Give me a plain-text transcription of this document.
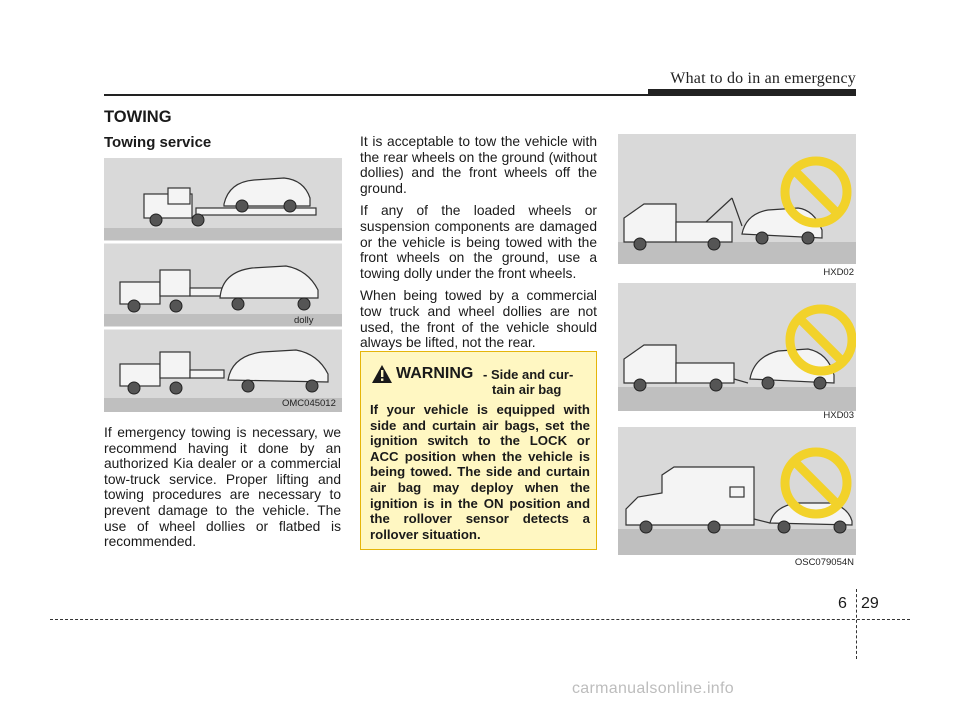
What to do in an emergency
TOWING
Towing service
dolly
OMC045012
If emergency towing is necessary, we recommend having it done by an authorized Kia dealer or a commercial tow-truck service. Proper lifting and towing procedures are necessary to prevent damage to the vehicle. The use of wheel dollies or flatbed is recommended.

It is acceptable to tow the vehicle with the rear wheels on the ground (without dollies) and the front wheels off the ground.

If any of the loaded wheels or suspension components are damaged or the vehicle is being towed with the front wheels on the ground, use a towing dolly under the front wheels.

When being towed by a commercial tow truck and wheel dollies are not used, the front of the vehicle should always be lifted, not the rear.

WARNING - Side and cur-
tain air bag
If your vehicle is equipped with side and curtain air bags, set the ignition switch to the LOCK or ACC position when the vehicle is being towed. The side and curtain air bag may deploy when the ignition is in the ON position and the rollover sensor detects a rollover situation.
HXD02
HXD03
OSC079054N
6 29
carmanualsonline.info
